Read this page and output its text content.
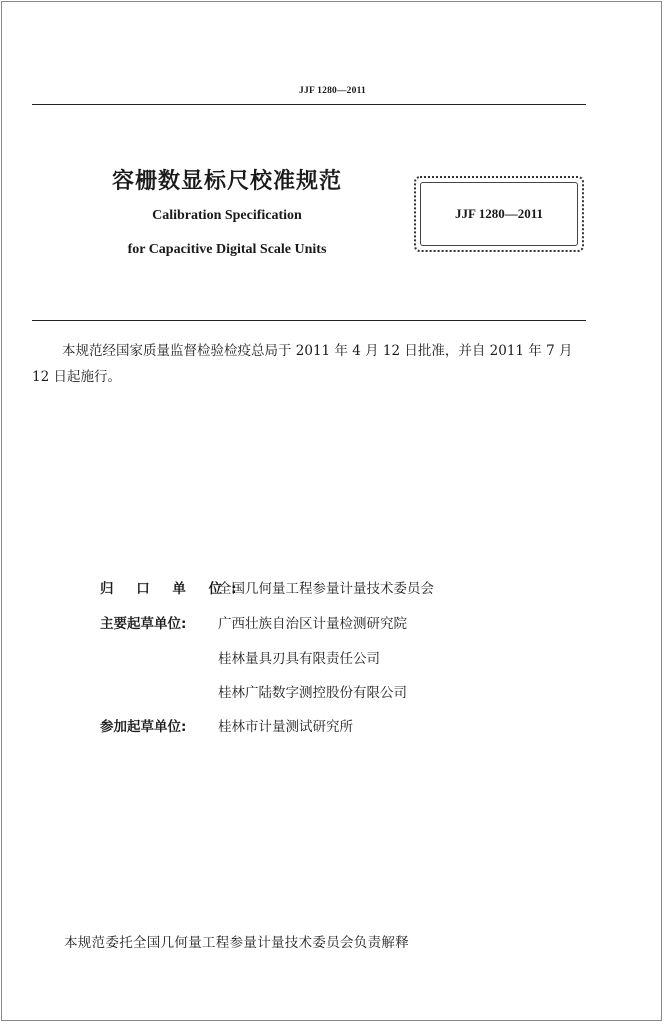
JJF 1280—2011
容栅数显标尺校准规范
Calibration Specification
for Capacitive Digital Scale Units
JJF 1280—2011
本规范经国家质量监督检验检疫总局于 2011 年 4 月 12 日批准，并自 2011 年 7 月 12 日起施行。
归 口 单 位:全国几何量工程参量计量技术委员会
主要起草单位: 广西壮族自治区计量检测研究院
桂林量具刃具有限责任公司
桂林广陆数字测控股份有限公司
参加起草单位: 桂林市计量测试研究所
本规范委托全国几何量工程参量计量技术委员会负责解释
